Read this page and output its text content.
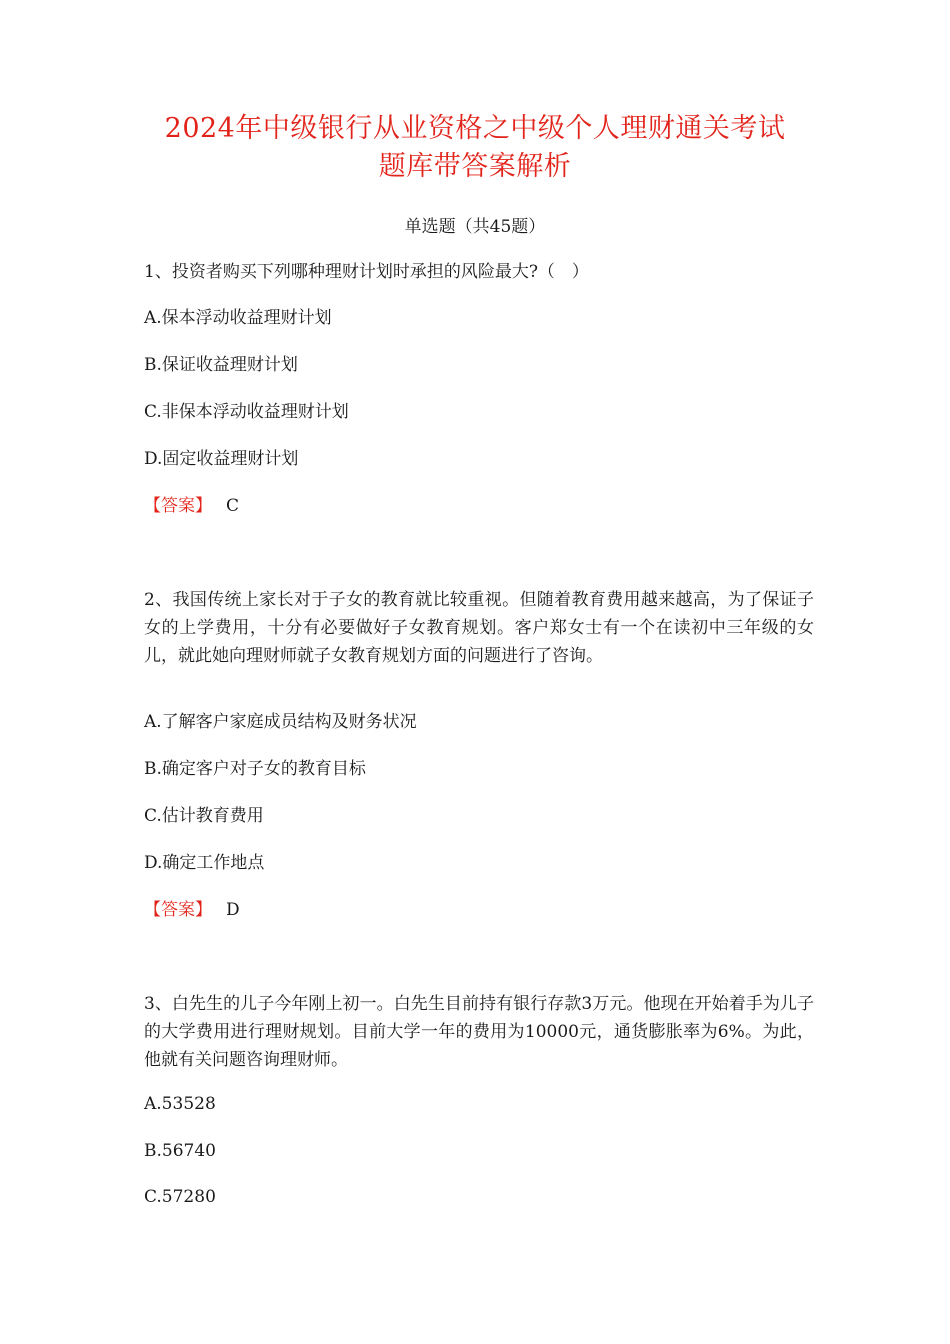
2024年中级银行从业资格之中级个人理财通关考试
题库带答案解析
单选题（共45题）
1、投资者购买下列哪种理财计划时承担的风险最大?（　）
A.保本浮动收益理财计划
B.保证收益理财计划
C.非保本浮动收益理财计划
D.固定收益理财计划
【答案】 C
2、我国传统上家长对于子女的教育就比较重视。但随着教育费用越来越高，为了保证子女的上学费用，十分有必要做好子女教育规划。客户郑女士有一个在读初中三年级的女儿，就此她向理财师就子女教育规划方面的问题进行了咨询。
A.了解客户家庭成员结构及财务状况
B.确定客户对子女的教育目标
C.估计教育费用
D.确定工作地点
【答案】 D
3、白先生的儿子今年刚上初一。白先生目前持有银行存款3万元。他现在开始着手为儿子的大学费用进行理财规划。目前大学一年的费用为10000元，通货膨胀率为6%。为此，他就有关问题咨询理财师。
A.53528
B.56740
C.57280
